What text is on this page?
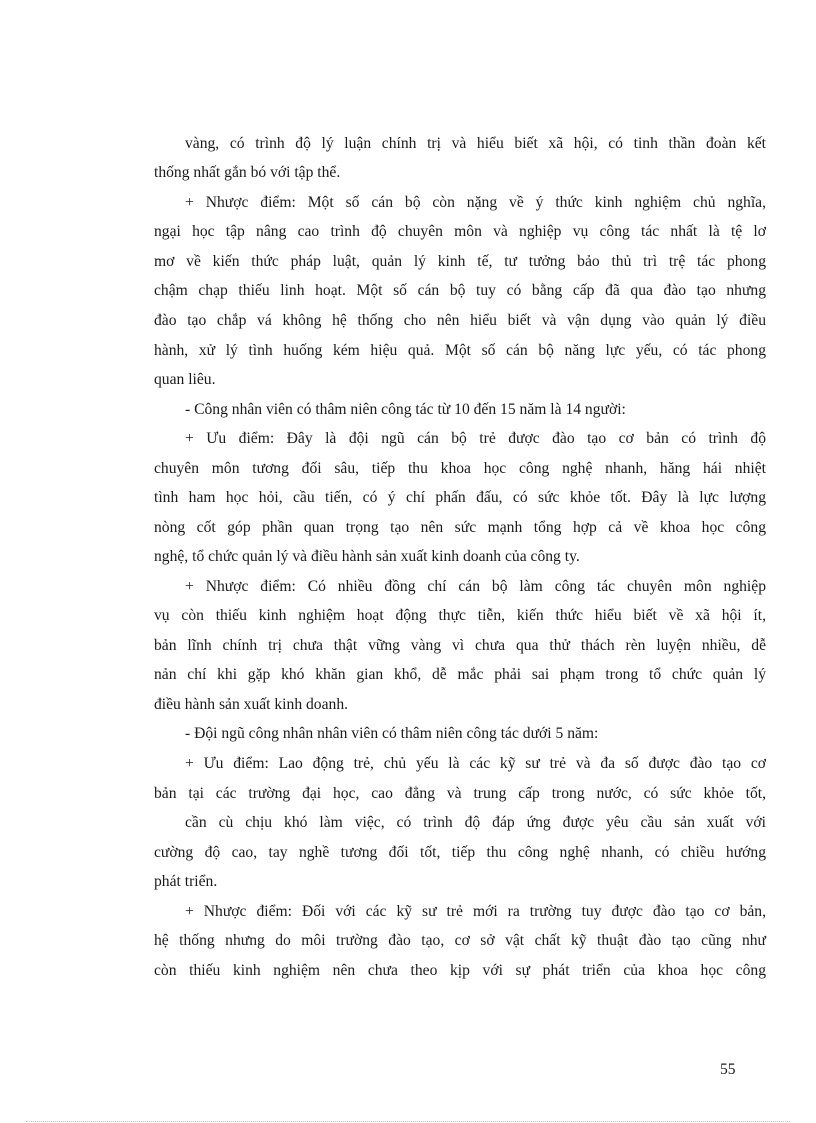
vàng, có trình độ lý luận chính trị và hiểu biết xã hội, có tinh thần đoàn kết
thống nhất gắn bó với tập thể.
+ Nhược điểm: Một số cán bộ còn nặng về ý thức kinh nghiệm chủ nghĩa,
ngại học tập nâng cao trình độ chuyên môn và nghiệp vụ công tác nhất là tệ lơ
mơ về kiến thức pháp luật, quản lý kinh tế, tư tưởng bảo thủ trì trệ tác phong
chậm chạp thiếu linh hoạt. Một số cán bộ tuy có bằng cấp đã qua đào tạo nhưng
đào tạo chắp vá không hệ thống cho nên hiểu biết và vận dụng vào quản lý điều
hành, xử lý tình huống kém hiệu quả. Một số cán bộ năng lực yếu, có tác phong
quan liêu.
- Công nhân viên có thâm niên công tác từ 10 đến 15 năm là 14 người:
+ Ưu điểm: Đây là đội ngũ cán bộ trẻ được đào tạo cơ bản có trình độ
chuyên môn tương đối sâu, tiếp thu khoa học công nghệ nhanh, hăng hái nhiệt
tình ham học hỏi, cầu tiến, có ý chí phấn đấu, có sức khỏe tốt. Đây là lực lượng
nòng cốt góp phần quan trọng tạo nên sức mạnh tổng hợp cả về khoa học công
nghệ, tổ chức quản lý và điều hành sản xuất kinh doanh của công ty.
+ Nhược điểm: Có nhiều đồng chí cán bộ làm công tác chuyên môn nghiệp
vụ còn thiếu kinh nghiệm hoạt động thực tiễn, kiến thức hiểu biết về xã hội ít,
bản lĩnh chính trị chưa thật vững vàng vì chưa qua thử thách rèn luyện nhiều, dễ
nản chí khi gặp khó khăn gian khổ, dễ mắc phải sai phạm trong tổ chức quản lý
điều hành sản xuất kinh doanh.
- Đội ngũ công nhân nhân viên có thâm niên công tác dưới 5 năm:
+ Ưu điểm: Lao động trẻ, chủ yếu là các kỹ sư trẻ và đa số được đào tạo cơ
bản tại các trường đại học, cao đẳng và trung cấp trong nước, có sức khỏe tốt,
cần cù chịu khó làm việc, có trình độ đáp ứng được yêu cầu sản xuất với
cường độ cao, tay nghề tương đối tốt, tiếp thu công nghệ nhanh, có chiều hướng
phát triển.
+ Nhược điểm: Đối với các kỹ sư trẻ mới ra trường tuy được đào tạo cơ bản,
hệ thống nhưng do môi trường đào tạo, cơ sở vật chất kỹ thuật đào tạo cũng như
còn thiếu kinh nghiệm nên chưa theo kịp với sự phát triển của khoa học công
55
